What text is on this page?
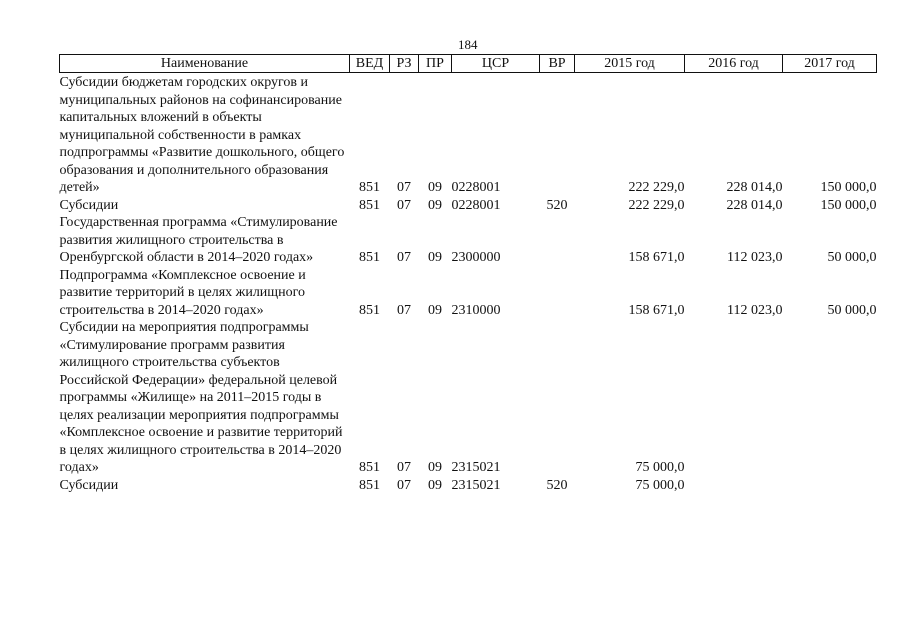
184
Наименование	ВЕД	РЗ	ПР	ЦСР	ВР	2015 год	2016 год	2017 год
Субсидии бюджетам городских округов и муниципальных районов на софинансирование капитальных вложений в объекты муниципальной собственности в рамках подпрограммы «Развитие дошкольного, общего образования и дополнительного образования детей»	851	07	09	0228001		222 229,0	228 014,0	150 000,0
Субсидии	851	07	09	0228001	520	222 229,0	228 014,0	150 000,0
Государственная программа «Стимулирование развития жилищного строительства в Оренбургской области в 2014–2020 годах»	851	07	09	2300000		158 671,0	112 023,0	50 000,0
Подпрограмма «Комплексное освоение и развитие территорий в целях жилищного строительства в 2014–2020 годах»	851	07	09	2310000		158 671,0	112 023,0	50 000,0
Субсидии на мероприятия подпрограммы «Стимулирование программ развития жилищного строительства субъектов Российской Федерации» федеральной целевой программы «Жилище» на 2011–2015 годы в целях реализации мероприятия подпрограммы «Комплексное освоение и развитие территорий в целях жилищного строительства в 2014–2020 годах»	851	07	09	2315021		75 000,0		
Субсидии	851	07	09	2315021	520	75 000,0		
